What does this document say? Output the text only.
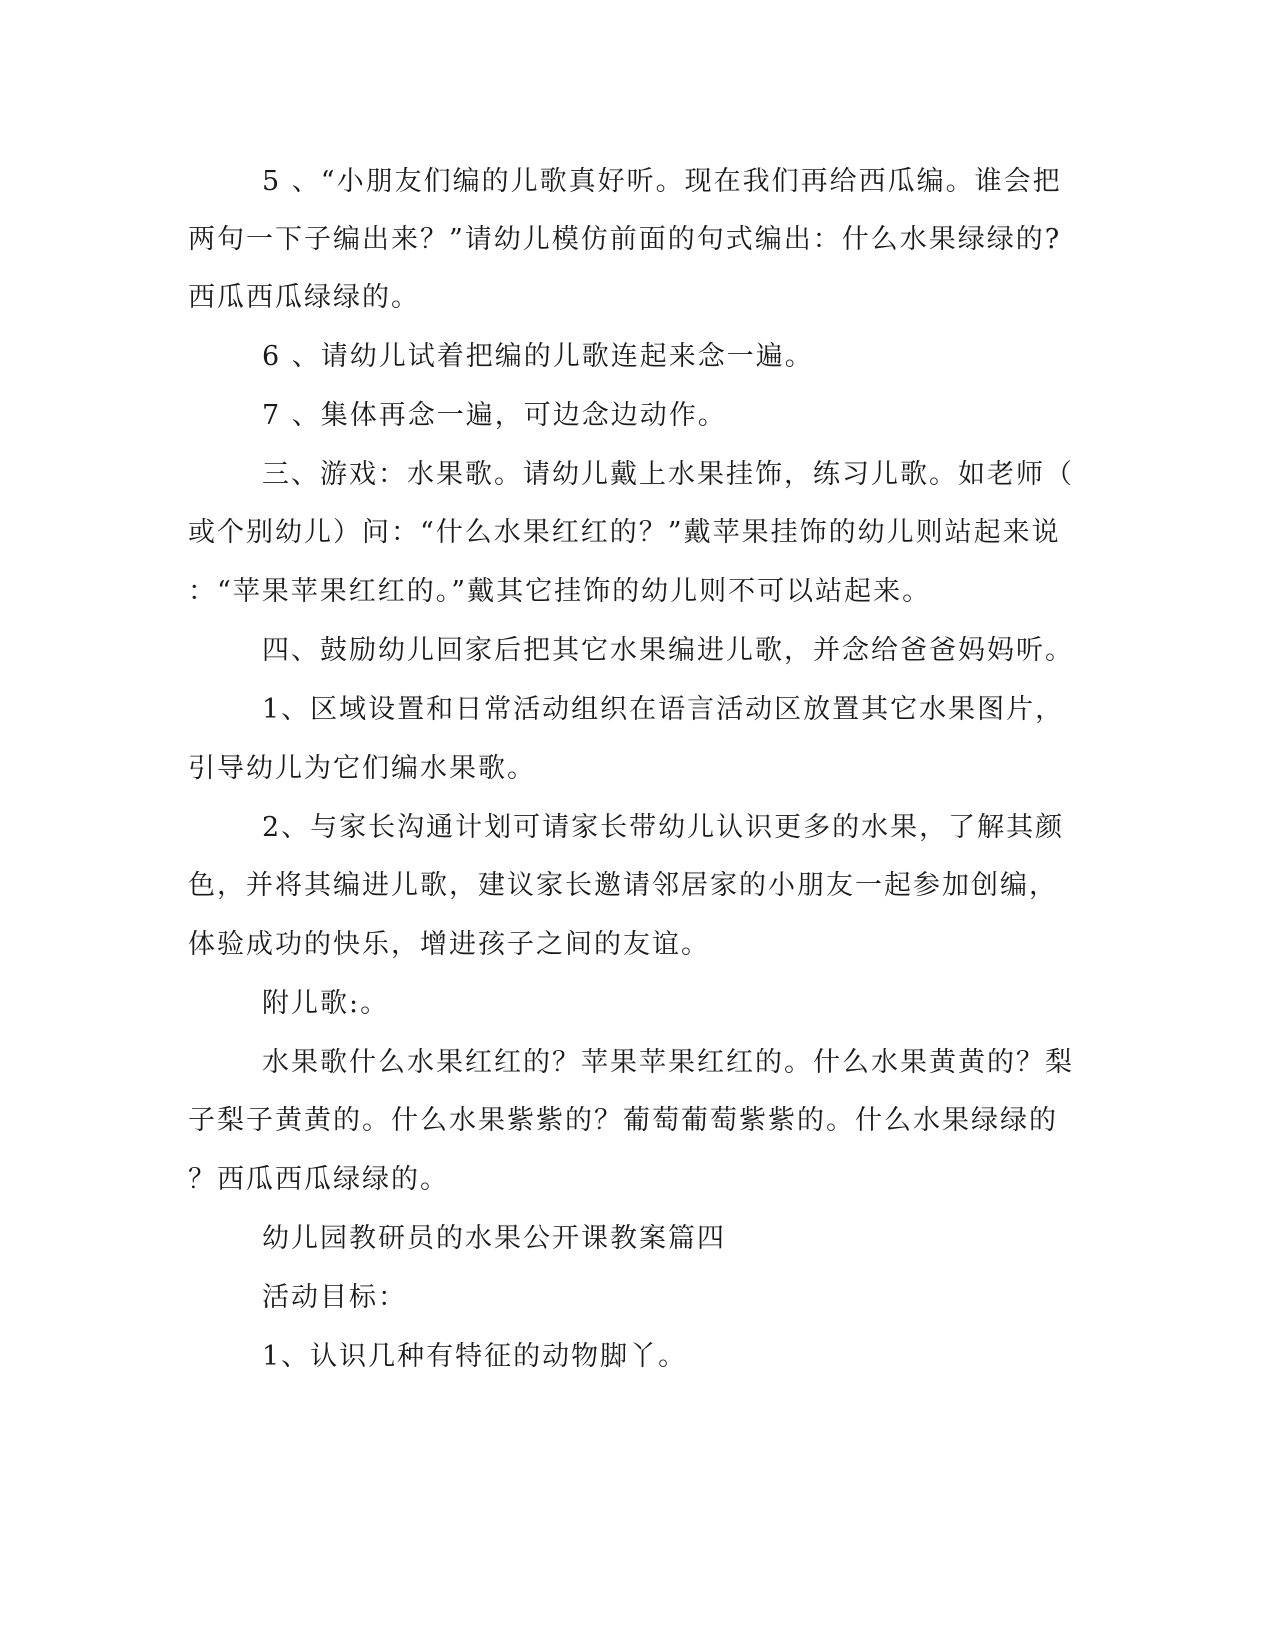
5 、“小朋友们编的儿歌真好听。现在我们再给西瓜编。谁会把
两句一下子编出来？”请幼儿模仿前面的句式编出：什么水果绿绿的?
西瓜西瓜绿绿的。
6 、请幼儿试着把编的儿歌连起来念一遍。
7 、集体再念一遍，可边念边动作。
三、游戏：水果歌。请幼儿戴上水果挂饰，练习儿歌。如老师（
或个别幼儿）问：“什么水果红红的？”戴苹果挂饰的幼儿则站起来说
：“苹果苹果红红的。”戴其它挂饰的幼儿则不可以站起来。
四、鼓励幼儿回家后把其它水果编进儿歌，并念给爸爸妈妈听。
1、区域设置和日常活动组织在语言活动区放置其它水果图片，
引导幼儿为它们编水果歌。
2、与家长沟通计划可请家长带幼儿认识更多的水果，了解其颜
色，并将其编进儿歌，建议家长邀请邻居家的小朋友一起参加创编，
体验成功的快乐，增进孩子之间的友谊。
附儿歌:。
水果歌什么水果红红的？苹果苹果红红的。什么水果黄黄的？梨
子梨子黄黄的。什么水果紫紫的？葡萄葡萄紫紫的。什么水果绿绿的
？西瓜西瓜绿绿的。
幼儿园教研员的水果公开课教案篇四
活动目标：
1、认识几种有特征的动物脚丫。
